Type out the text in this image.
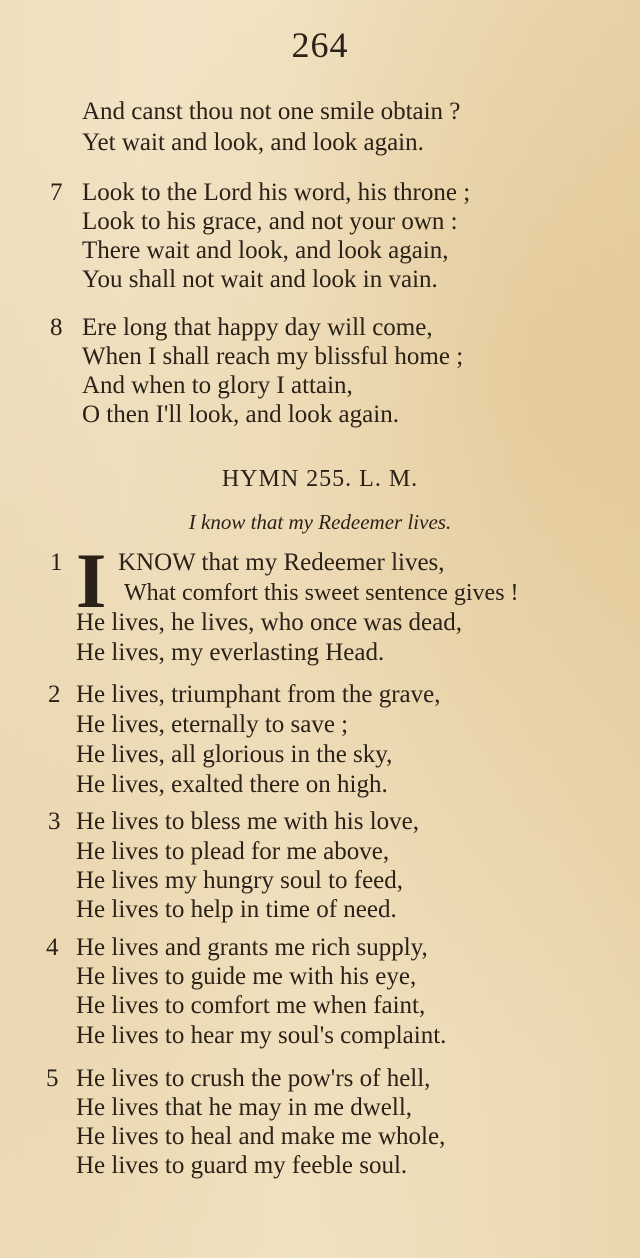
264
And canst thou not one smile obtain ?
Yet wait and look, and look again.
7 Look to the Lord his word, his throne ;
Look to his grace, and not your own :
There wait and look, and look again,
You shall not wait and look in vain.
8 Ere long that happy day will come,
When I shall reach my blissful home ;
And when to glory I attain,
O then I'll look, and look again.
HYMN 255. L. M.
I know that my Redeemer lives.
1 I KNOW that my Redeemer lives,
What comfort this sweet sentence gives !
He lives, he lives, who once was dead,
He lives, my everlasting Head.
2 He lives, triumphant from the grave,
He lives, eternally to save ;
He lives, all glorious in the sky,
He lives, exalted there on high.
3 He lives to bless me with his love,
He lives to plead for me above,
He lives my hungry soul to feed,
He lives to help in time of need.
4 He lives and grants me rich supply,
He lives to guide me with his eye,
He lives to comfort me when faint,
He lives to hear my soul's complaint.
5 He lives to crush the pow'rs of hell,
He lives that he may in me dwell,
He lives to heal and make me whole,
He lives to guard my feeble soul.
